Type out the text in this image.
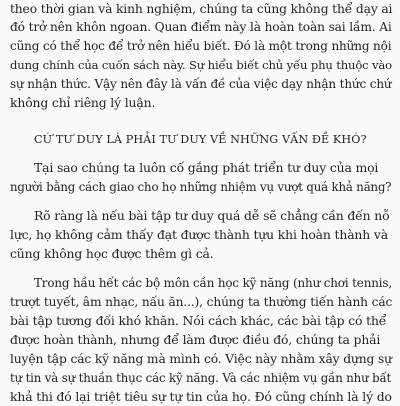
theo thời gian và kinh nghiệm, chúng ta cũng không thể dạy ai
đó trở nên khôn ngoan. Quan điểm này là hoàn toàn sai lầm. Ai
cũng có thể học để trở nên hiểu biết. Đó là một trong những nội
dung chính của cuốn sách này. Sự hiểu biết chủ yếu phụ thuộc vào
sự nhận thức. Vậy nên đây là vấn đề của việc dạy nhận thức chứ
không chỉ riêng lý luận.
CỨ TƯ DUY LÀ PHẢI TƯ DUY VỀ NHỮNG VẤN ĐỀ KHÓ?
Tại sao chúng ta luôn cố gắng phát triển tư duy của mọi
người bằng cách giao cho họ những nhiệm vụ vượt quá khả năng?
Rõ ràng là nếu bài tập tư duy quá dễ sẽ chẳng cần đến nỗ
lực, họ không cảm thấy đạt được thành tựu khi hoàn thành và
cũng không học được thêm gì cả.
Trong hầu hết các bộ môn cần học kỹ năng (như chơi tennis,
trượt tuyết, âm nhạc, nấu ăn...), chúng ta thường tiến hành các
bài tập tương đối khó khăn. Nói cách khác, các bài tập có thể
được hoàn thành, nhưng để làm được điều đó, chúng ta phải
luyện tập các kỹ năng mà mình có. Việc này nhằm xây dựng sự
tự tin và sự thuần thục các kỹ năng. Và các nhiệm vụ gần như bất
khả thi đó lại triệt tiêu sự tự tin của họ. Đó cũng chính là lý do
